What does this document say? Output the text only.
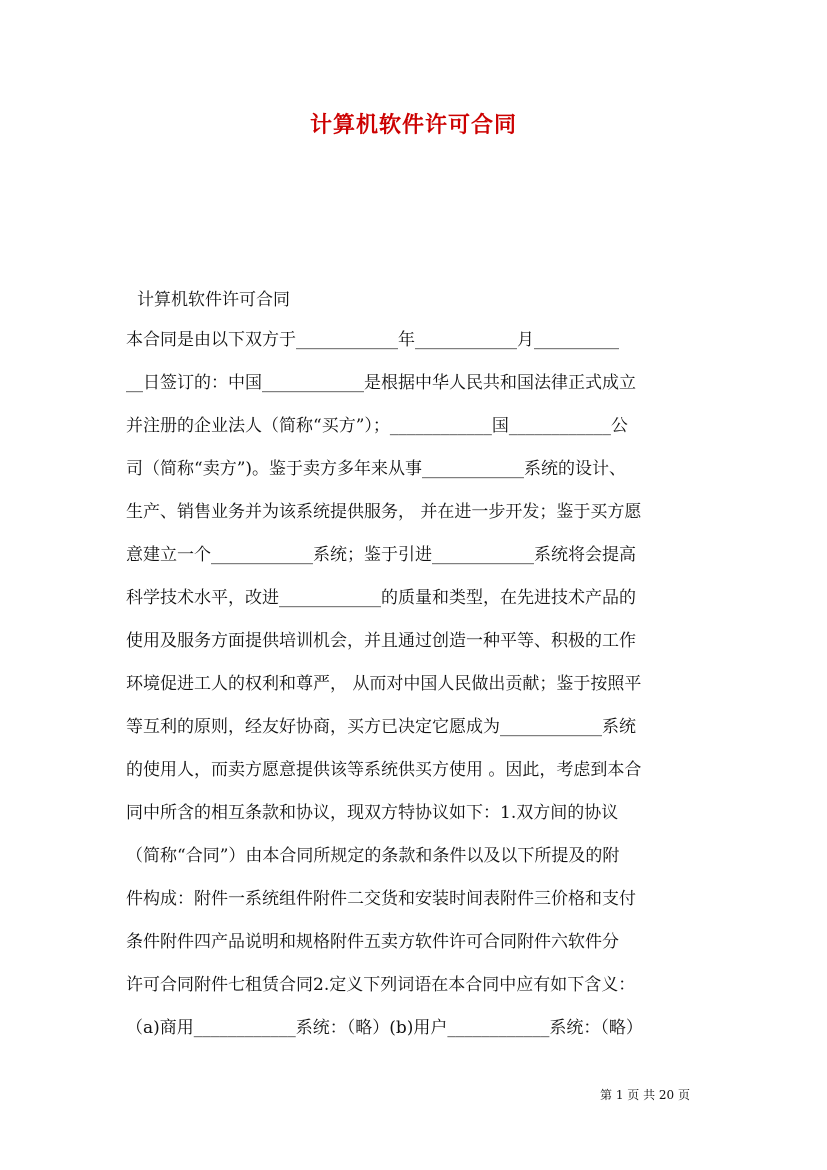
计算机软件许可合同
计算机软件许可合同
本合同是由以下双方于____________年____________月__________
__日签订的：中国____________是根据中华人民共和国法律正式成立
并注册的企业法人（简称“买方”）；____________国____________公
司（简称“卖方”)。鉴于卖方多年来从事____________系统的设计、
生产、销售业务并为该系统提供服务， 并在进一步开发；鉴于买方愿
意建立一个____________系统；鉴于引进____________系统将会提高
科学技术水平，改进____________的质量和类型，在先进技术产品的
使用及服务方面提供培训机会，并且通过创造一种平等、积极的工作
环境促进工人的权利和尊严， 从而对中国人民做出贡献；鉴于按照平
等互利的原则，经友好协商，买方已决定它愿成为____________系统
的使用人，而卖方愿意提供该等系统供买方使用 。因此，考虑到本合
同中所含的相互条款和协议，现双方特协议如下：1.双方间的协议
（简称“合同”）由本合同所规定的条款和条件以及以下所提及的附
件构成：附件一系统组件附件二交货和安装时间表附件三价格和支付
条件附件四产品说明和规格附件五卖方软件许可合同附件六软件分
许可合同附件七租赁合同2.定义下列词语在本合同中应有如下含义：
（a)商用____________系统：（略）(b)用户____________系统：（略）
第 1 页 共 20 页
